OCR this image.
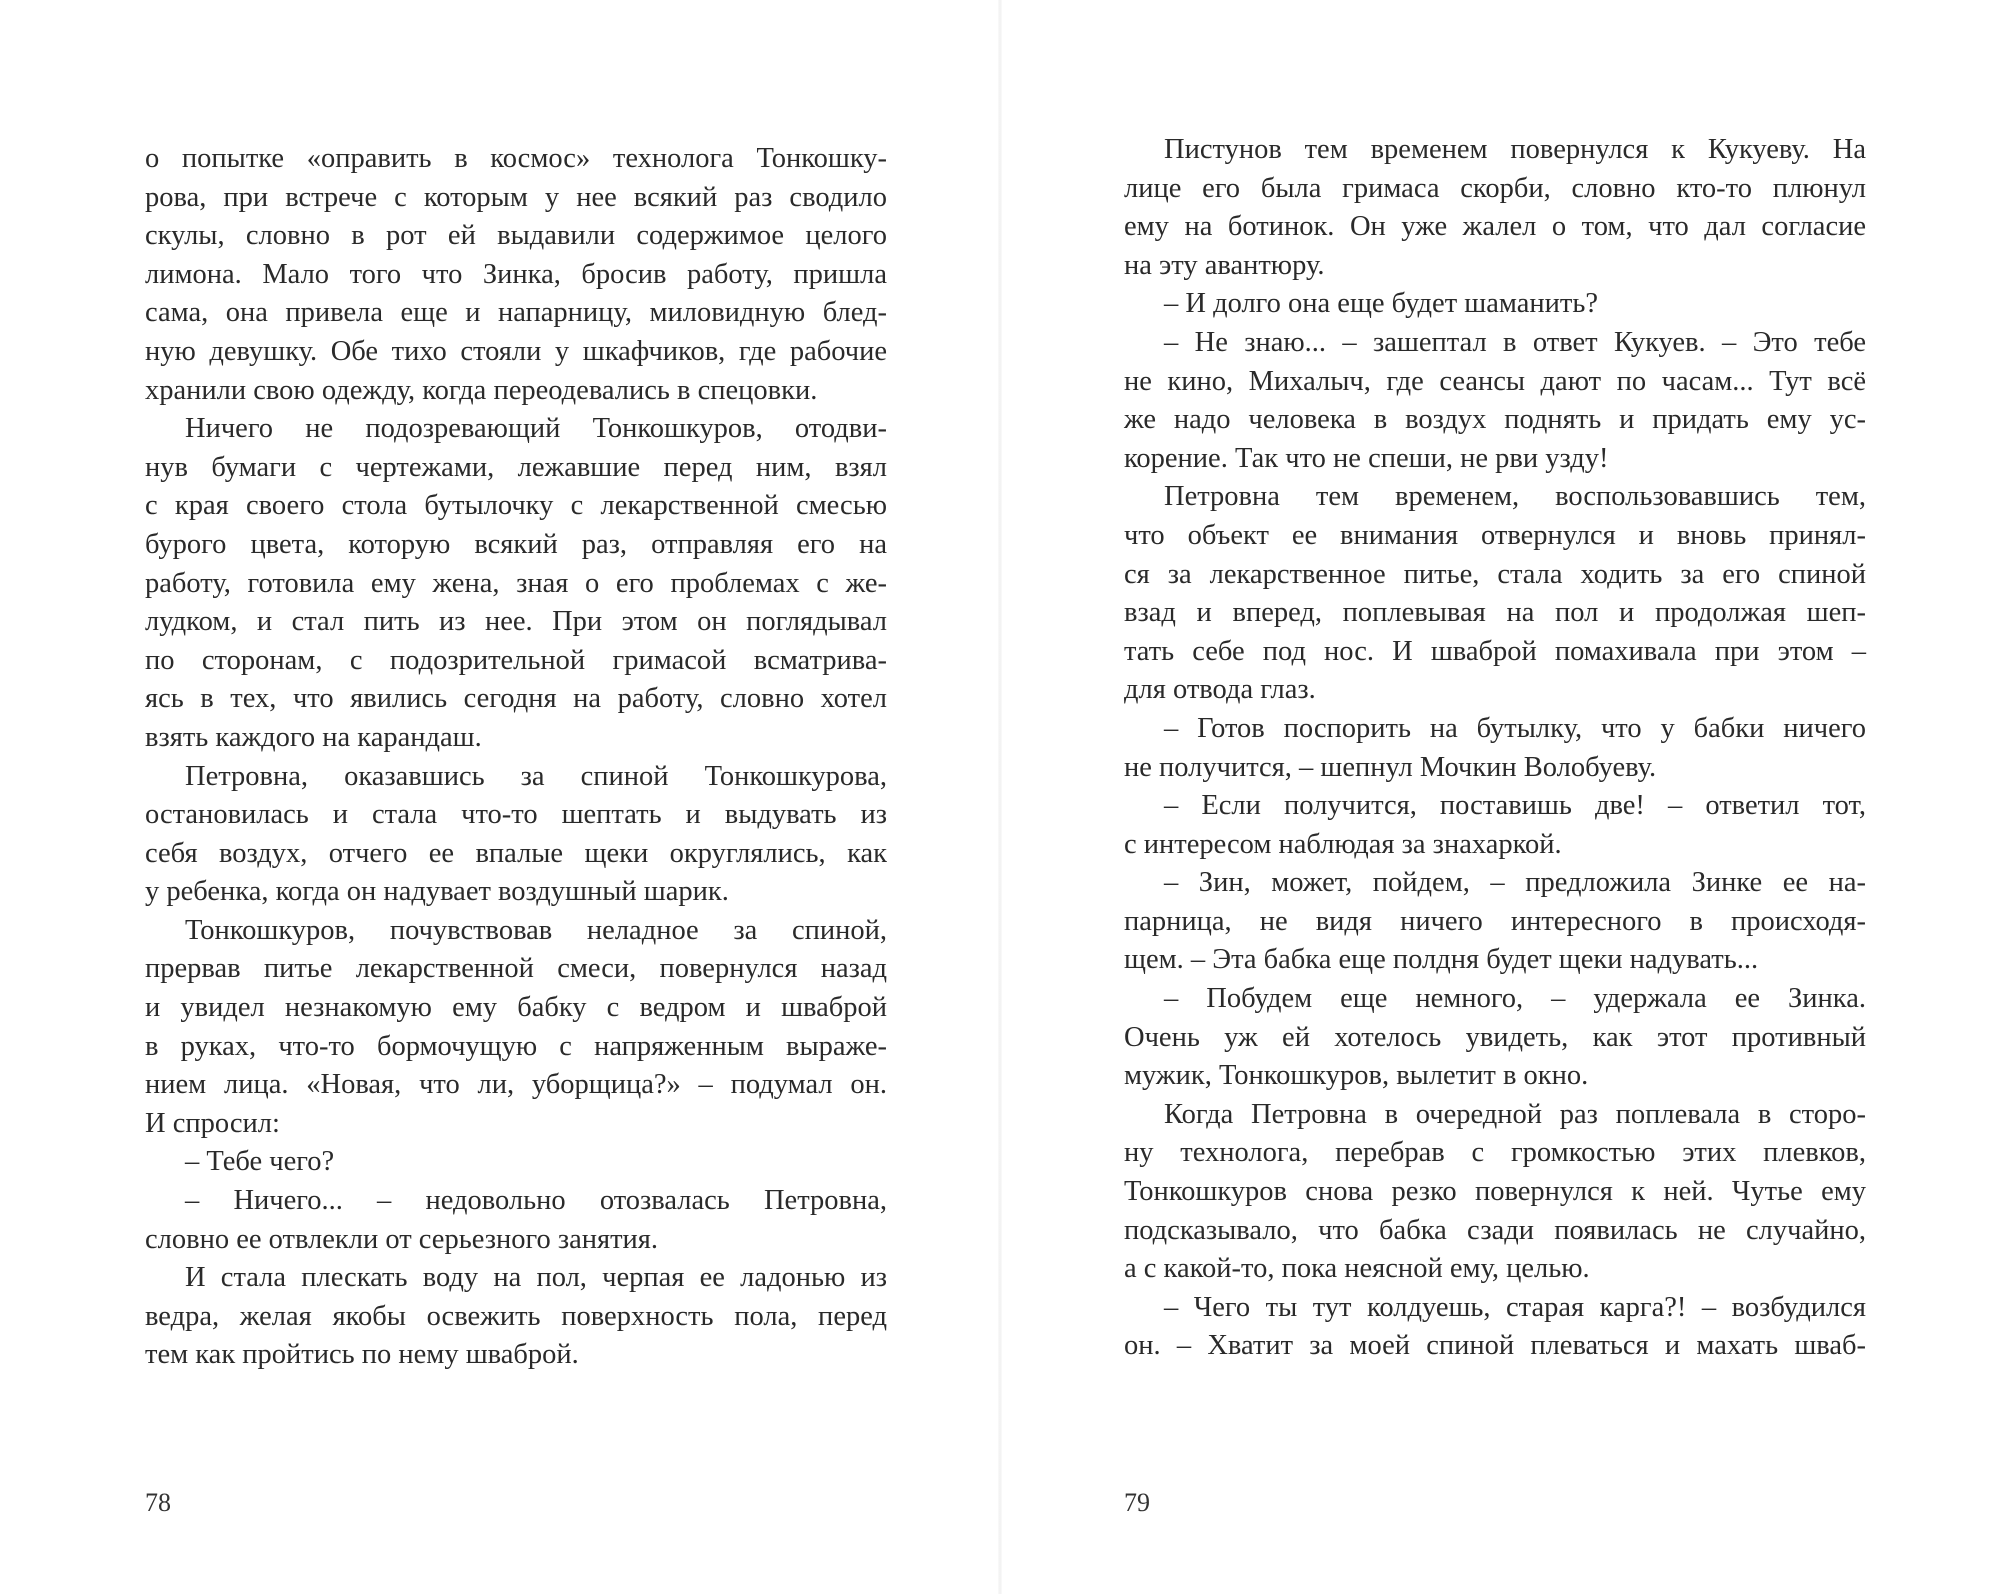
о попытке «оправить в космос» технолога Тонкошку-
рова, при встрече с которым у нее всякий раз сводило
скулы, словно в рот ей выдавили содержимое целого
лимона. Мало того что Зинка, бросив работу, пришла
сама, она привела еще и напарницу, миловидную блед-
ную девушку. Обе тихо стояли у шкафчиков, где рабочие
хранили свою одежду, когда переодевались в спецовки.
Ничего не подозревающий Тонкошкуров, отодви-
нув бумаги с чертежами, лежавшие перед ним, взял
с края своего стола бутылочку с лекарственной смесью
бурого цвета, которую всякий раз, отправляя его на
работу, готовила ему жена, зная о его проблемах с же-
лудком, и стал пить из нее. При этом он поглядывал
по сторонам, с подозрительной гримасой всматрива-
ясь в тех, что явились сегодня на работу, словно хотел
взять каждого на карандаш.
Петровна, оказавшись за спиной Тонкошкурова,
остановилась и стала что-то шептать и выдувать из
себя воздух, отчего ее впалые щеки округлялись, как
у ребенка, когда он надувает воздушный шарик.
Тонкошкуров, почувствовав неладное за спиной,
прервав питье лекарственной смеси, повернулся назад
и увидел незнакомую ему бабку с ведром и шваброй
в руках, что-то бормочущую с напряженным выраже-
нием лица. «Новая, что ли, уборщица?» – подумал он.
И спросил:
– Тебе чего?
– Ничего... – недовольно отозвалась Петровна,
словно ее отвлекли от серьезного занятия.
И стала плескать воду на пол, черпая ее ладонью из
ведра, желая якобы освежить поверхность пола, перед
тем как пройтись по нему шваброй.
78
Пистунов тем временем повернулся к Кукуеву. На
лице его была гримаса скорби, словно кто-то плюнул
ему на ботинок. Он уже жалел о том, что дал согласие
на эту авантюру.
– И долго она еще будет шаманить?
– Не знаю... – зашептал в ответ Кукуев. – Это тебе
не кино, Михалыч, где сеансы дают по часам... Тут всё
же надо человека в воздух поднять и придать ему ус-
корение. Так что не спеши, не рви узду!
Петровна тем временем, воспользовавшись тем,
что объект ее внимания отвернулся и вновь принял-
ся за лекарственное питье, стала ходить за его спиной
взад и вперед, поплевывая на пол и продолжая шеп-
тать себе под нос. И шваброй помахивала при этом –
для отвода глаз.
– Готов поспорить на бутылку, что у бабки ничего
не получится, – шепнул Мочкин Волобуеву.
– Если получится, поставишь две! – ответил тот,
с интересом наблюдая за знахаркой.
– Зин, может, пойдем, – предложила Зинке ее на-
парница, не видя ничего интересного в происходя-
щем. – Эта бабка еще полдня будет щеки надувать...
– Побудем еще немного, – удержала ее Зинка.
Очень уж ей хотелось увидеть, как этот противный
мужик, Тонкошкуров, вылетит в окно.
Когда Петровна в очередной раз поплевала в сторо-
ну технолога, перебрав с громкостью этих плевков,
Тонкошкуров снова резко повернулся к ней. Чутье ему
подсказывало, что бабка сзади появилась не случайно,
а с какой-то, пока неясной ему, целью.
– Чего ты тут колдуешь, старая карга?! – возбудился
он. – Хватит за моей спиной плеваться и махать шваб-
79
